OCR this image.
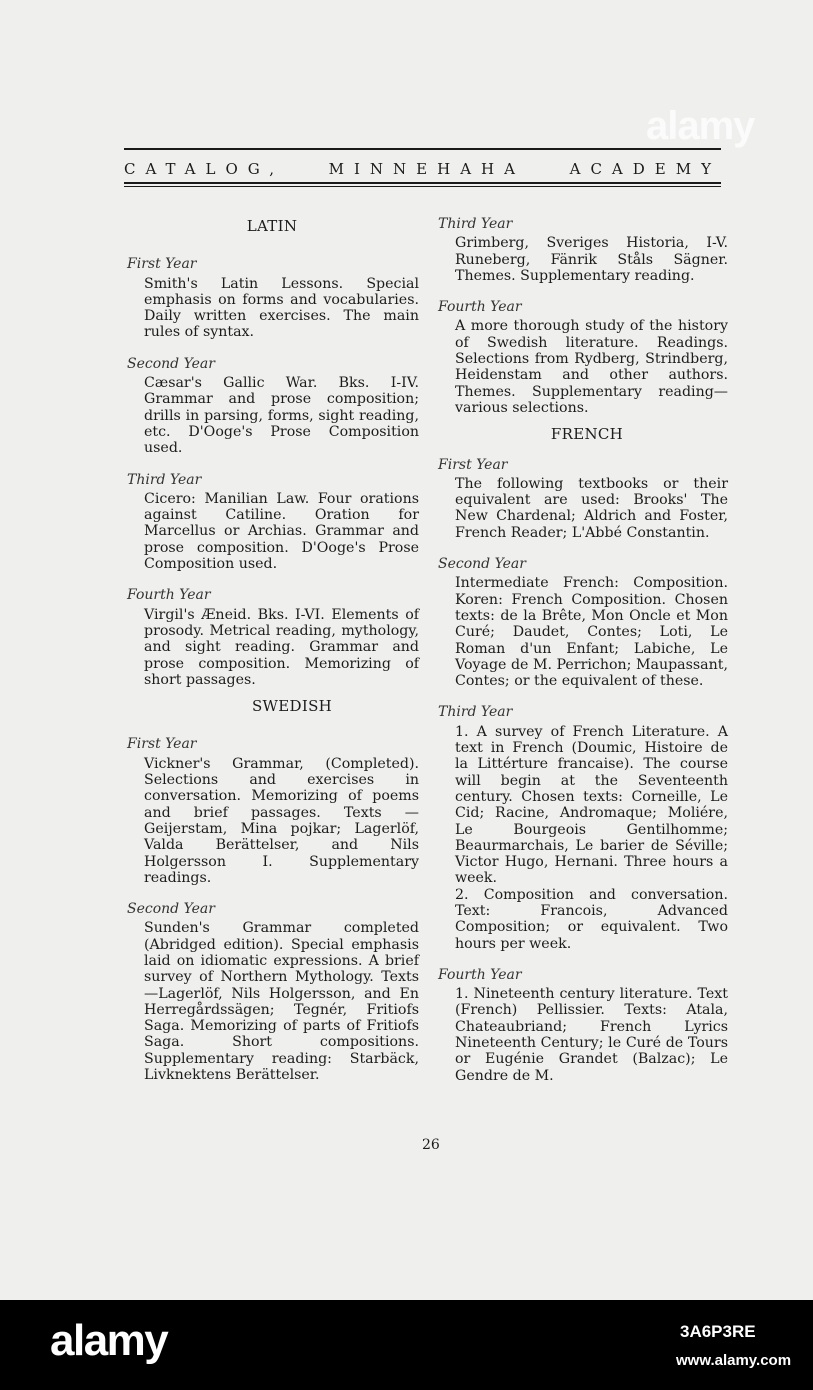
alamy
CATALOG,	MINNEHAHA	ACADEMY
LATIN
First Year
Smith's Latin Lessons. Special emphasis on forms and vocabularies. Daily written exercises. The main rules of syntax.
Second Year
Cæsar's Gallic War. Bks. I-IV. Grammar and prose composition; drills in parsing, forms, sight reading, etc. D'Ooge's Prose Composition used.
Third Year
Cicero: Manilian Law. Four orations against Catiline. Oration for Marcellus or Archias. Grammar and prose composition. D'Ooge's Prose Composition used.
Fourth Year
Virgil's Æneid. Bks. I-VI. Elements of prosody. Metrical reading, mythology, and sight reading. Grammar and prose composition. Memorizing of short passages.
SWEDISH
First Year
Vickner's Grammar, (Completed). Selections and exercises in conversation. Memorizing of poems and brief passages. Texts —Geijerstam, Mina pojkar; Lagerlöf, Valda Berättelser, and Nils Holgersson I. Supplementary readings.
Second Year
Sunden's Grammar completed (Abridged edition). Special emphasis laid on idiomatic expressions. A brief survey of Northern Mythology. Texts—Lagerlöf, Nils Holgersson, and En Herregårdssägen; Tegnér, Fritiofs Saga. Memorizing of parts of Fritiofs Saga. Short compositions. Supplementary reading: Starbäck, Livknektens Berättelser.
Third Year
Grimberg, Sveriges Historia, I-V. Runeberg, Fänrik Ståls Sägner. Themes. Supplementary reading.
Fourth Year
A more thorough study of the history of Swedish literature. Readings. Selections from Rydberg, Strindberg, Heidenstam and other authors. Themes. Supplementary reading—various selections.
FRENCH
First Year
The following textbooks or their equivalent are used: Brooks' The New Chardenal; Aldrich and Foster, French Reader; L'Abbé Constantin.
Second Year
Intermediate French: Composition. Koren: French Composition. Chosen texts: de la Brête, Mon Oncle et Mon Curé; Daudet, Contes; Loti, Le Roman d'un Enfant; Labiche, Le Voyage de M. Perrichon; Maupassant, Contes; or the equivalent of these.
Third Year
1. A survey of French Literature. A text in French (Doumic, Histoire de la Littérture francaise). The course will begin at the Seventeenth century. Chosen texts: Corneille, Le Cid; Racine, Andromaque; Moliére, Le Bourgeois Gentilhomme; Beaurmarchais, Le barier de Séville; Victor Hugo, Hernani. Three hours a week.
2. Composition and conversation. Text: Francois, Advanced Composition; or equivalent. Two hours per week.
Fourth Year
1. Nineteenth century literature. Text (French) Pellissier. Texts: Atala, Chateaubriand; French Lyrics Nineteenth Century; le Curé de Tours or Eugénie Grandet (Balzac); Le Gendre de M.
26
alamy	3A6P3RE
www.alamy.com
